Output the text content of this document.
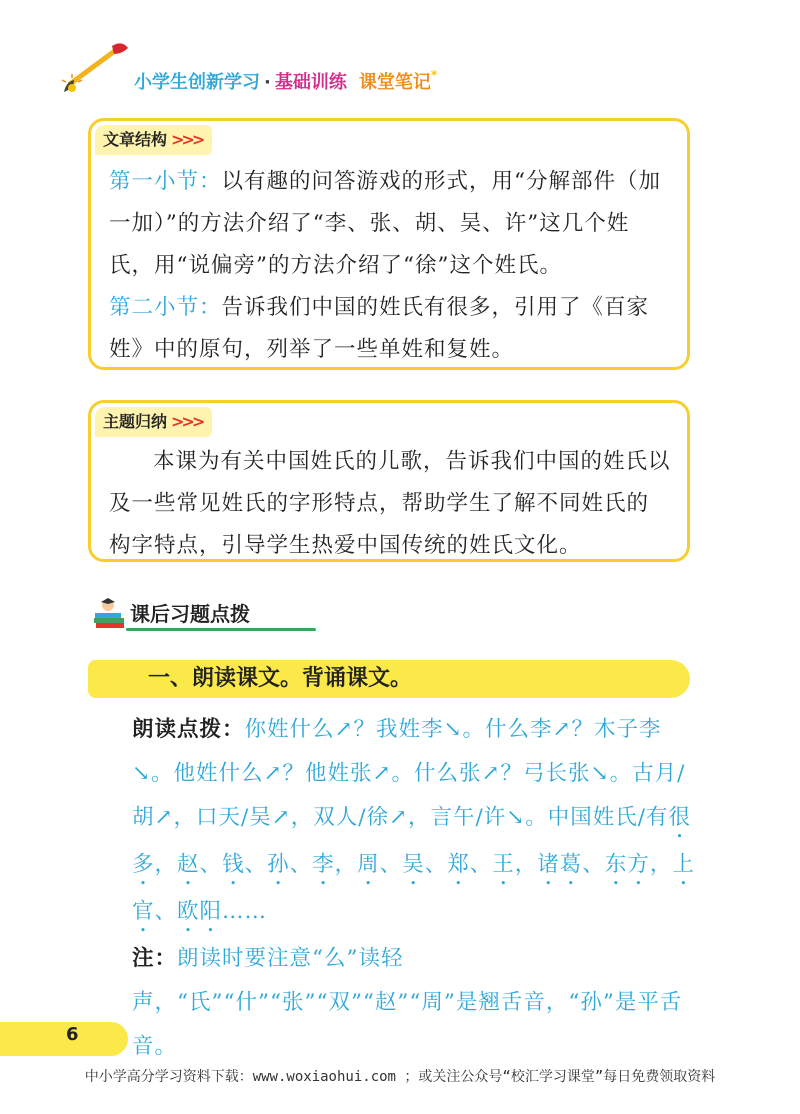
小学生创新学习 · 基础训练 课堂笔记*
文章结构 >>>
第一小节：以有趣的问答游戏的形式，用“分解部件（加一加）”的方法介绍了“李、张、胡、吴、许”这几个姓氏，用“说偏旁”的方法介绍了“徐”这个姓氏。
第二小节：告诉我们中国的姓氏有很多，引用了《百家姓》中的原句，列举了一些单姓和复姓。
主题归纳 >>>
本课为有关中国姓氏的儿歌，告诉我们中国的姓氏以及一些常见姓氏的字形特点，帮助学生了解不同姓氏的构字特点，引导学生热爱中国传统的姓氏文化。
课后习题点拨
一、朗读课文。背诵课文。

朗读点拨：你姓什么↗？我姓李↘。什么李↗？木子李↘。他姓什么↗？他姓张↗。什么张↗？弓长张↘。古月/胡↗，口天/吴↗，双人/徐↗，言午/许↘。中国姓氏/有很多，赵、钱、孙、李，周、吴、郑、王，诸葛、东方，上官、欧阳……

注：朗读时要注意“么”读轻声，“氏”“什”“张”“双”“赵”“周”是翘舌音，“孙”是平舌音。

6
中小学高分学习资料下载：www.woxiaohui.com ；或关注公众号“校汇学习课堂”每日免费领取资料
